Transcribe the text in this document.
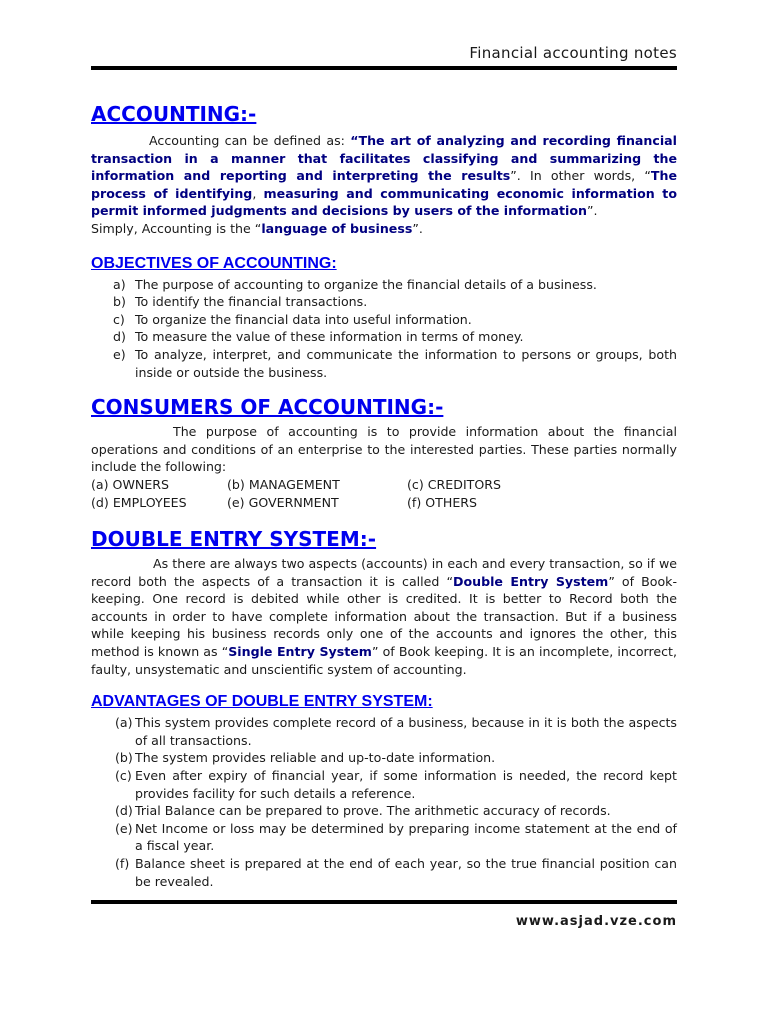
Financial accounting notes
ACCOUNTING:-

Accounting can be defined as: “The art of analyzing and recording financial transaction in a manner that facilitates classifying and summarizing the information and reporting and interpreting the results”. In other words, “The process of identifying, measuring and communicating economic information to permit informed judgments and decisions by users of the information”.

Simply, Accounting is the “language of business”.

OBJECTIVES OF ACCOUNTING:
a) The purpose of accounting to organize the financial details of a business.
b) To identify the financial transactions.
c) To organize the financial data into useful information.
d) To measure the value of these information in terms of money.
e) To analyze, interpret, and communicate the information to persons or groups, both inside or outside the business.
CONSUMERS OF ACCOUNTING:-

The purpose of accounting is to provide information about the financial operations and conditions of an enterprise to the interested parties. These parties normally include the following:

(a) OWNERS	(b) MANAGEMENT	(c) CREDITORS
(d) EMPLOYEES	(e) GOVERNMENT	(f) OTHERS
DOUBLE ENTRY SYSTEM:-

As there are always two aspects (accounts) in each and every transaction, so if we record both the aspects of a transaction it is called “Double Entry System” of Book-keeping. One record is debited while other is credited. It is better to Record both the accounts in order to have complete information about the transaction. But if a business while keeping his business records only one of the accounts and ignores the other, this method is known as “Single Entry System” of Book keeping. It is an incomplete, incorrect, faulty, unsystematic and unscientific system of accounting.

ADVANTAGES OF DOUBLE ENTRY SYSTEM:
(a) This system provides complete record of a business, because in it is both the aspects of all transactions.
(b) The system provides reliable and up-to-date information.
(c) Even after expiry of financial year, if some information is needed, the record kept provides facility for such details a reference.
(d) Trial Balance can be prepared to prove. The arithmetic accuracy of records.
(e) Net Income or loss may be determined by preparing income statement at the end of a fiscal year.
(f) Balance sheet is prepared at the end of each year, so the true financial position can be revealed.
www.asjad.vze.com
